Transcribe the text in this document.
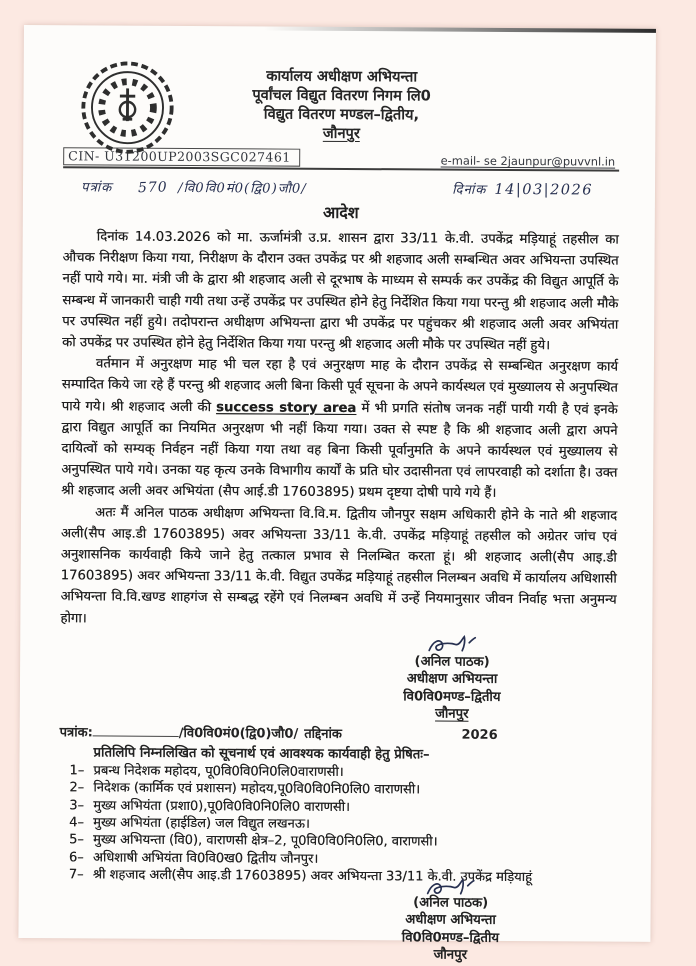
कार्यालय अधीक्षण अभियन्ता
पूर्वांचल विद्युत वितरण निगम लि0
विद्युत वितरण मण्डल–द्वितीय,
जौनपुर
CIN- U31200UP2003SGC027461	e-mail- se 2jaunpur@puvvnl.in
पत्रांक 570 /वि0वि0मं0(द्वि0)जौ0/	दिनांक 14|03|2026
आदेश

दिनांक 14.03.2026 को मा. ऊर्जामंत्री उ.प्र. शासन द्वारा 33/11 के.वी. उपकेंद्र मड़ियाहूं तहसील का औचक निरीक्षण किया गया, निरीक्षण के दौरान उक्त उपकेंद्र पर श्री शहजाद अली सम्बन्धित अवर अभियन्ता उपस्थित नहीं पाये गये। मा. मंत्री जी के द्वारा श्री शहजाद अली से दूरभाष के माध्यम से सम्पर्क कर उपकेंद्र की विद्युत आपूर्ति के सम्बन्ध में जानकारी चाही गयी तथा उन्हें उपकेंद्र पर उपस्थित होने हेतु निर्देशित किया गया परन्तु श्री शहजाद अली मौके पर उपस्थित नहीं हुये। तदोपरान्त अधीक्षण अभियन्ता द्वारा भी उपकेंद्र पर पहुंचकर श्री शहजाद अली अवर अभियंता को उपकेंद्र पर उपस्थित होने हेतु निर्देशित किया गया परन्तु श्री शहजाद अली मौके पर उपस्थित नहीं हुये।

वर्तमान में अनुरक्षण माह भी चल रहा है एवं अनुरक्षण माह के दौरान उपकेंद्र से सम्बन्धित अनुरक्षण कार्य सम्पादित किये जा रहे हैं परन्तु श्री शहजाद अली बिना किसी पूर्व सूचना के अपने कार्यस्थल एवं मुख्यालय से अनुपस्थित पाये गये। श्री शहजाद अली की success story area में भी प्रगति संतोष जनक नहीं पायी गयी है एवं इनके द्वारा विद्युत आपूर्ति का नियमित अनुरक्षण भी नहीं किया गया। उक्त से स्पष्ट है कि श्री शहजाद अली द्वारा अपने दायित्वों को सम्यक् निर्वहन नहीं किया गया तथा वह बिना किसी पूर्वानुमति के अपने कार्यस्थल एवं मुख्यालय से अनुपस्थित पाये गये। उनका यह कृत्य उनके विभागीय कार्यों के प्रति घोर उदासीनता एवं लापरवाही को दर्शाता है। उक्त श्री शहजाद अली अवर अभियंता (सैप आई.डी 17603895) प्रथम दृष्टया दोषी पाये गये हैं।

अतः मैं अनिल पाठक अधीक्षण अभियन्ता वि.वि.म. द्वितीय जौनपुर सक्षम अधिकारी होने के नाते श्री शहजाद अली(सैप आइ.डी 17603895) अवर अभियन्ता 33/11 के.वी. उपकेंद्र मड़ियाहूं तहसील को अग्रेतर जांच एवं अनुशासनिक कार्यवाही किये जाने हेतु तत्काल प्रभाव से निलम्बित करता हूं। श्री शहजाद अली(सैप आइ.डी 17603895) अवर अभियन्ता 33/11 के.वी. विद्युत उपकेंद्र मड़ियाहूं तहसील निलम्बन अवधि में कार्यालय अधिशासी अभियन्ता वि.वि.खण्ड शाहगंज से सम्बद्ध रहेंगे एवं निलम्बन अवधि में उन्हें नियमानुसार जीवन निर्वाह भत्ता अनुमन्य होगा।

(अनिल पाठक)
अधीक्षण अभियन्ता
वि0वि0मण्ड–द्वितीय
जौनपुर
पत्रांक:	/वि0वि0मं0(द्वि0)जौ0/ तद्दिनांक	2026
प्रतिलिपि निम्नलिखित को सूचनार्थ एवं आवश्यक कार्यवाही हेतु प्रेषितः–
1– प्रबन्ध निदेशक महोदय, पू0वि0वि0नि0लि0वाराणसी।
2– निदेशक (कार्मिक एवं प्रशासन) महोदय,पू0वि0वि0नि0लि0 वाराणसी।
3– मुख्य अभियंता (प्रशा0),पू0वि0वि0नि0लि0 वाराणसी।
4– मुख्य अभियंता (हाईडिल) जल विद्युत लखनऊ।
5– मुख्य अभियन्ता (वि0), वाराणसी क्षेत्र–2, पू0वि0वि0नि0लि0, वाराणसी।
6– अधिशाषी अभियंता वि0वि0ख0 द्वितीय जौनपुर।
7– श्री शहजाद अली(सैप आइ.डी 17603895) अवर अभियन्ता 33/11 के.वी. उपकेंद्र मड़ियाहूं
(अनिल पाठक)
अधीक्षण अभियन्ता
वि0वि0मण्ड–द्वितीय
जौनपुर
